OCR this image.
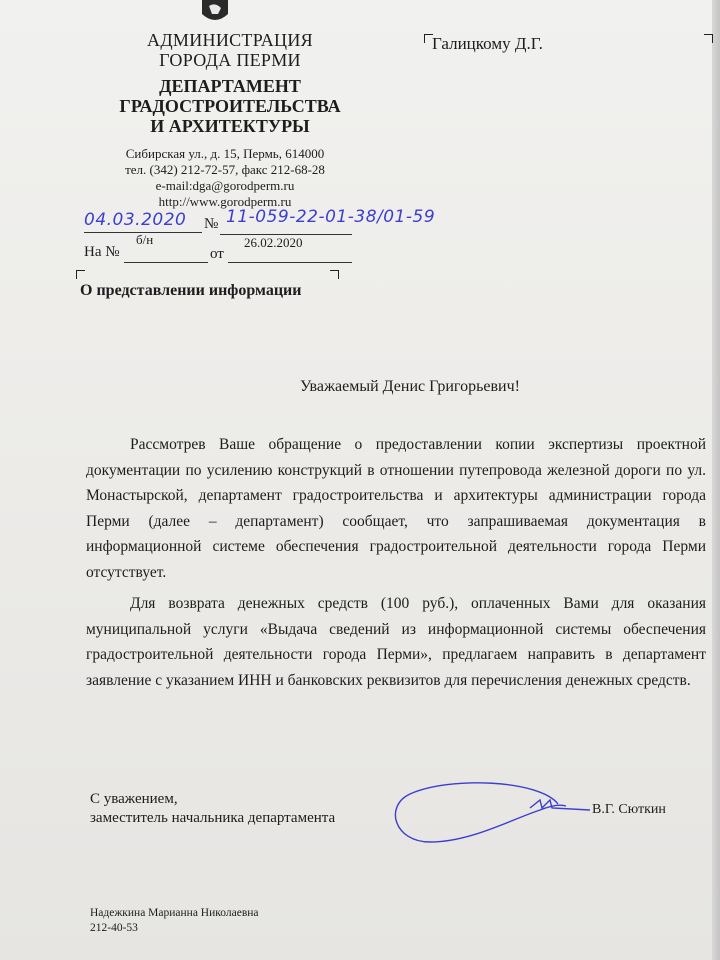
АДМИНИСТРАЦИЯ
ГОРОДА ПЕРМИ
ДЕПАРТАМЕНТ
ГРАДОСТРОИТЕЛЬСТВА
И АРХИТЕКТУРЫ
Сибирская ул., д. 15, Пермь, 614000
тел. (342) 212-72-57, факс 212-68-28
e-mail:dga@gorodperm.ru
http://www.gorodperm.ru
Галицкому Д.Г.
04.03.2020 № 11-059-22-01-38/01-59
б/н	26.02.2020
На №	от
О представлении информации
Уважаемый Денис Григорьевич!

Рассмотрев Ваше обращение о предоставлении копии экспертизы проектной документации по усилению конструкций в отношении путепровода железной дороги по ул. Монастырской, департамент градостроительства и архитектуры администрации города Перми (далее – департамент) сообщает, что запрашиваемая документация в информационной системе обеспечения градостроительной деятельности города Перми отсутствует.

Для возврата денежных средств (100 руб.), оплаченных Вами для оказания муниципальной услуги «Выдача сведений из информационной системы обеспечения градостроительной деятельности города Перми», предлагаем направить в департамент заявление с указанием ИНН и банковских реквизитов для перечисления денежных средств.

С уважением,
заместитель начальника департамента
В.Г. Сюткин
Надежкина Марианна Николаевна
212-40-53
